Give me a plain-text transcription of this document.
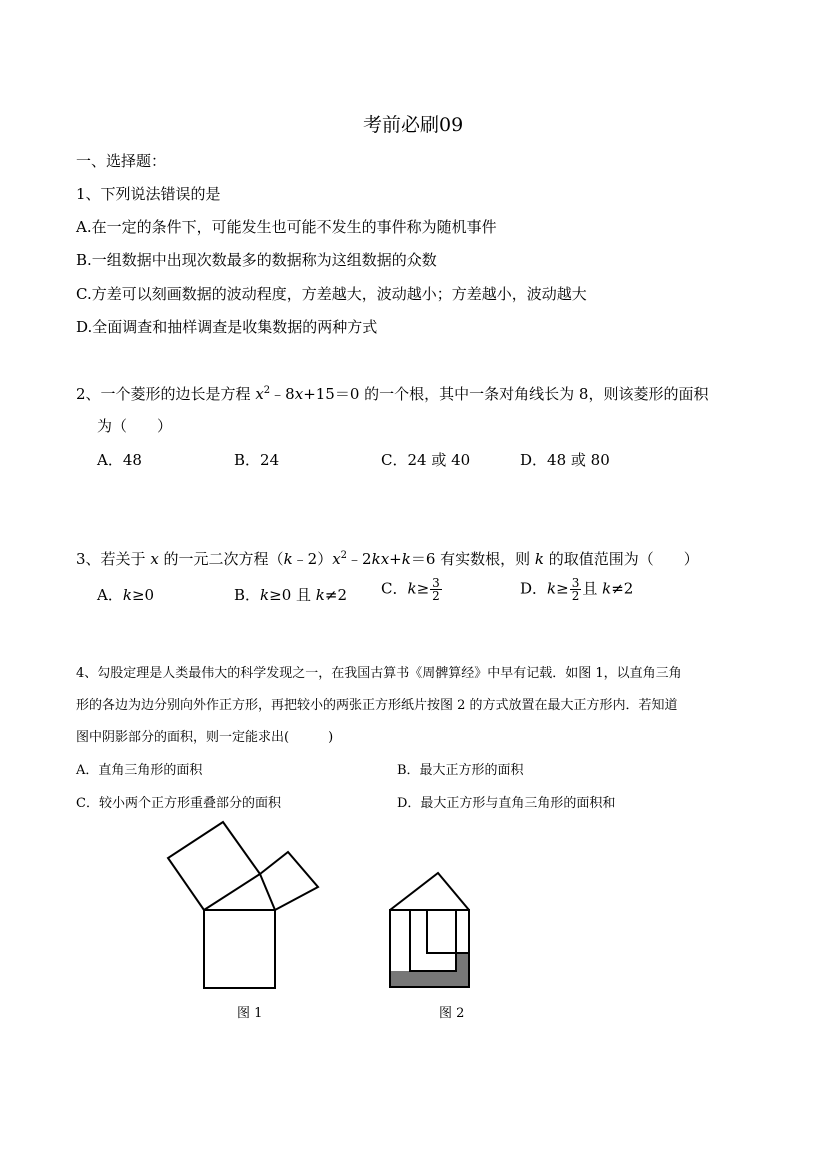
考前必刷09
一、选择题：
1、下列说法错误的是
A.在一定的条件下，可能发生也可能不发生的事件称为随机事件
B.一组数据中出现次数最多的数据称为这组数据的众数
C.方差可以刻画数据的波动程度，方差越大，波动越小；方差越小，波动越大
D.全面调查和抽样调查是收集数据的两种方式
2、一个菱形的边长是方程 $x^2﹣8x+15=0$ 的一个根，其中一条对角线长为 8，则该菱形的面积
为（　　）
A．48	B．24	C．24 或 40	D．48 或 80
3、若关于 x 的一元二次方程$(k﹣2)x^2﹣2kx+k=6$ 有实数根，则 k 的取值范围为（　　）
A．k≥0	B．k≥0 且 k≠2 C．$k\ge \frac{3}{2}$	D．$k\ge \frac{3}{2}$ 且 k≠2
4、勾股定理是人类最伟大的科学发现之一，在我国古算书《周髀算经》中早有记载．如图 1，以直角三角
形的各边为边分别向外作正方形，再把较小的两张正方形纸片按图 2 的方式放置在最大正方形内．若知道
图中阴影部分的面积，则一定能求出(　　　)
A．直角三角形的面积	B．最大正方形的面积
C．较小两个正方形重叠部分的面积	D．最大正方形与直角三角形的面积和
图 1	图 2
